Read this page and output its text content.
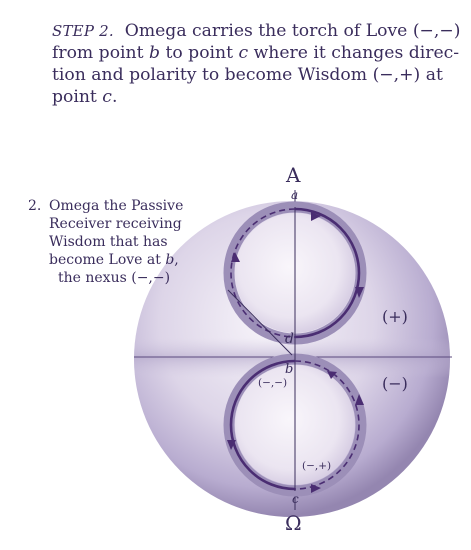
STEP 2. Omega carries the torch of Love (−,−)
from point b to point c where it changes direc-
tion and polarity to become Wisdom (−,+) at
point c.
A
Ω
a
d
b
c
(+)
(−)
(−,−)
(−,+)
2. Omega the Passive
Receiver receiving
Wisdom that has
become Love at b,
the nexus (−,−)
